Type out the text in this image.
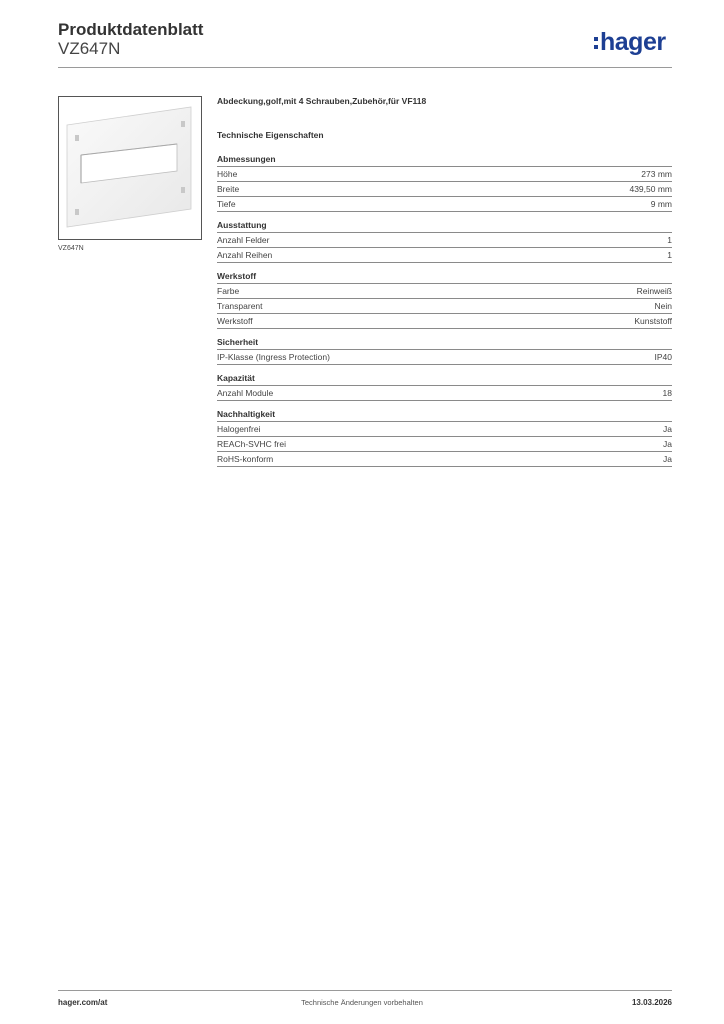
Produktdatenblatt
VZ647N	hager
VZ647N
Abdeckung,golf,mit 4 Schrauben,Zubehör,für VF118
Technische Eigenschaften
Abmessungen
Höhe	273 mm
Breite	439,50 mm
Tiefe	9 mm
Ausstattung
Anzahl Felder	1
Anzahl Reihen	1
Werkstoff
Farbe	Reinweiß
Transparent	Nein
Werkstoff	Kunststoff
Sicherheit
IP-Klasse (Ingress Protection)	IP40
Kapazität
Anzahl Module	18
Nachhaltigkeit
Halogenfrei	Ja
REACh-SVHC frei	Ja
RoHS-konform	Ja
hager.com/at	Technische Änderungen vorbehalten	13.03.2026
